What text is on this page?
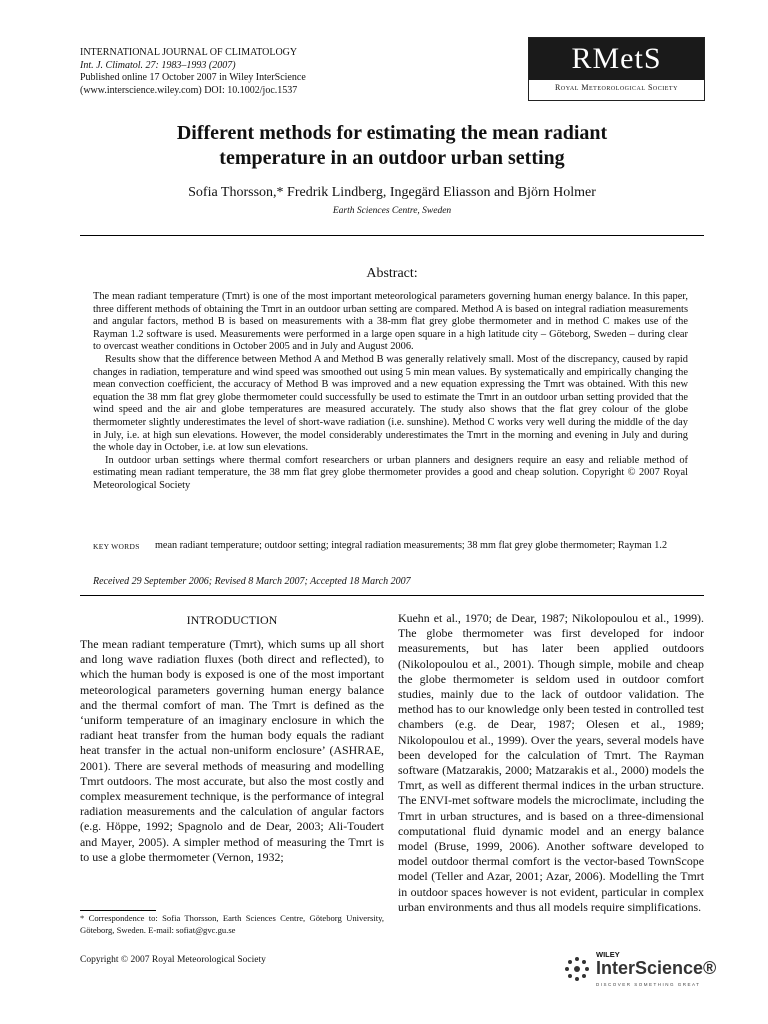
INTERNATIONAL JOURNAL OF CLIMATOLOGY
Int. J. Climatol. 27: 1983–1993 (2007)
Published online 17 October 2007 in Wiley InterScience
(www.interscience.wiley.com) DOI: 10.1002/joc.1537
RMetS
Royal Meteorological Society
Different methods for estimating the mean radiant
temperature in an outdoor urban setting
Sofia Thorsson,* Fredrik Lindberg, Ingegärd Eliasson and Björn Holmer
Earth Sciences Centre, Sweden
Abstract:

The mean radiant temperature (Tmrt) is one of the most important meteorological parameters governing human energy balance. In this paper, three different methods of obtaining the Tmrt in an outdoor urban setting are compared. Method A is based on integral radiation measurements and angular factors, method B is based on measurements with a 38-mm flat grey globe thermometer and in method C makes use of the Rayman 1.2 software is used. Measurements were performed in a large open square in a high latitude city – Göteborg, Sweden – during clear to overcast weather conditions in October 2005 and in July and August 2006.

Results show that the difference between Method A and Method B was generally relatively small. Most of the discrepancy, caused by rapid changes in radiation, temperature and wind speed was smoothed out using 5 min mean values. By systematically and empirically changing the mean convection coefficient, the accuracy of Method B was improved and a new equation expressing the Tmrt was obtained. With this new equation the 38 mm flat grey globe thermometer could successfully be used to estimate the Tmrt in an outdoor urban setting provided that the wind speed and the air and globe temperatures are measured accurately. The study also shows that the flat grey colour of the globe thermometer slightly underestimates the level of short-wave radiation (i.e. sunshine). Method C works very well during the middle of the day in July, i.e. at high sun elevations. However, the model considerably underestimates the Tmrt in the morning and evening in July and during the whole day in October, i.e. at low sun elevations.

In outdoor urban settings where thermal comfort researchers or urban planners and designers require an easy and reliable method of estimating mean radiant temperature, the 38 mm flat grey globe thermometer provides a good and cheap solution. Copyright © 2007 Royal Meteorological Society

KEY WORDS mean radiant temperature; outdoor setting; integral radiation measurements; 38 mm flat grey globe thermometer; Rayman 1.2
Received 29 September 2006; Revised 8 March 2007; Accepted 18 March 2007
INTRODUCTION

The mean radiant temperature (Tmrt), which sums up all short and long wave radiation fluxes (both direct and reflected), to which the human body is exposed is one of the most important meteorological parameters governing human energy balance and the thermal comfort of man. The Tmrt is defined as the ‘uniform temperature of an imaginary enclosure in which the radiant heat transfer from the human body equals the radiant heat transfer in the actual non-uniform enclosure’ (ASHRAE, 2001). There are several methods of measuring and modelling Tmrt outdoors. The most accurate, but also the most costly and complex measurement technique, is the performance of integral radiation measurements and the calculation of angular factors (e.g. Höppe, 1992; Spagnolo and de Dear, 2003; Ali-Toudert and Mayer, 2005). A simpler method of measuring the Tmrt is to use a globe thermometer (Vernon, 1932;

Kuehn et al., 1970; de Dear, 1987; Nikolopoulou et al., 1999). The globe thermometer was first developed for indoor measurements, but has later been applied outdoors (Nikolopoulou et al., 2001). Though simple, mobile and cheap the globe thermometer is seldom used in outdoor comfort studies, mainly due to the lack of outdoor validation. The method has to our knowledge only been tested in controlled test chambers (e.g. de Dear, 1987; Olesen et al., 1989; Nikolopoulou et al., 1999). Over the years, several models have been developed for the calculation of Tmrt. The Rayman software (Matzarakis, 2000; Matzarakis et al., 2000) models the Tmrt, as well as different thermal indices in the urban structure. The ENVI-met software models the microclimate, including the Tmrt in urban structures, and is based on a three-dimensional computational fluid dynamic model and an energy balance model (Bruse, 1999, 2006). Another software developed to model outdoor thermal comfort is the vector-based TownScope model (Teller and Azar, 2001; Azar, 2006). Modelling the Tmrt in outdoor spaces however is not evident, particular in complex urban environments and thus all models require simplifications.

* Correspondence to: Sofia Thorsson, Earth Sciences Centre, Göteborg University, Göteborg, Sweden. E-mail: sofiat@gvc.gu.se
Copyright © 2007 Royal Meteorological Society
WILEY
InterScience®
DISCOVER SOMETHING GREAT
